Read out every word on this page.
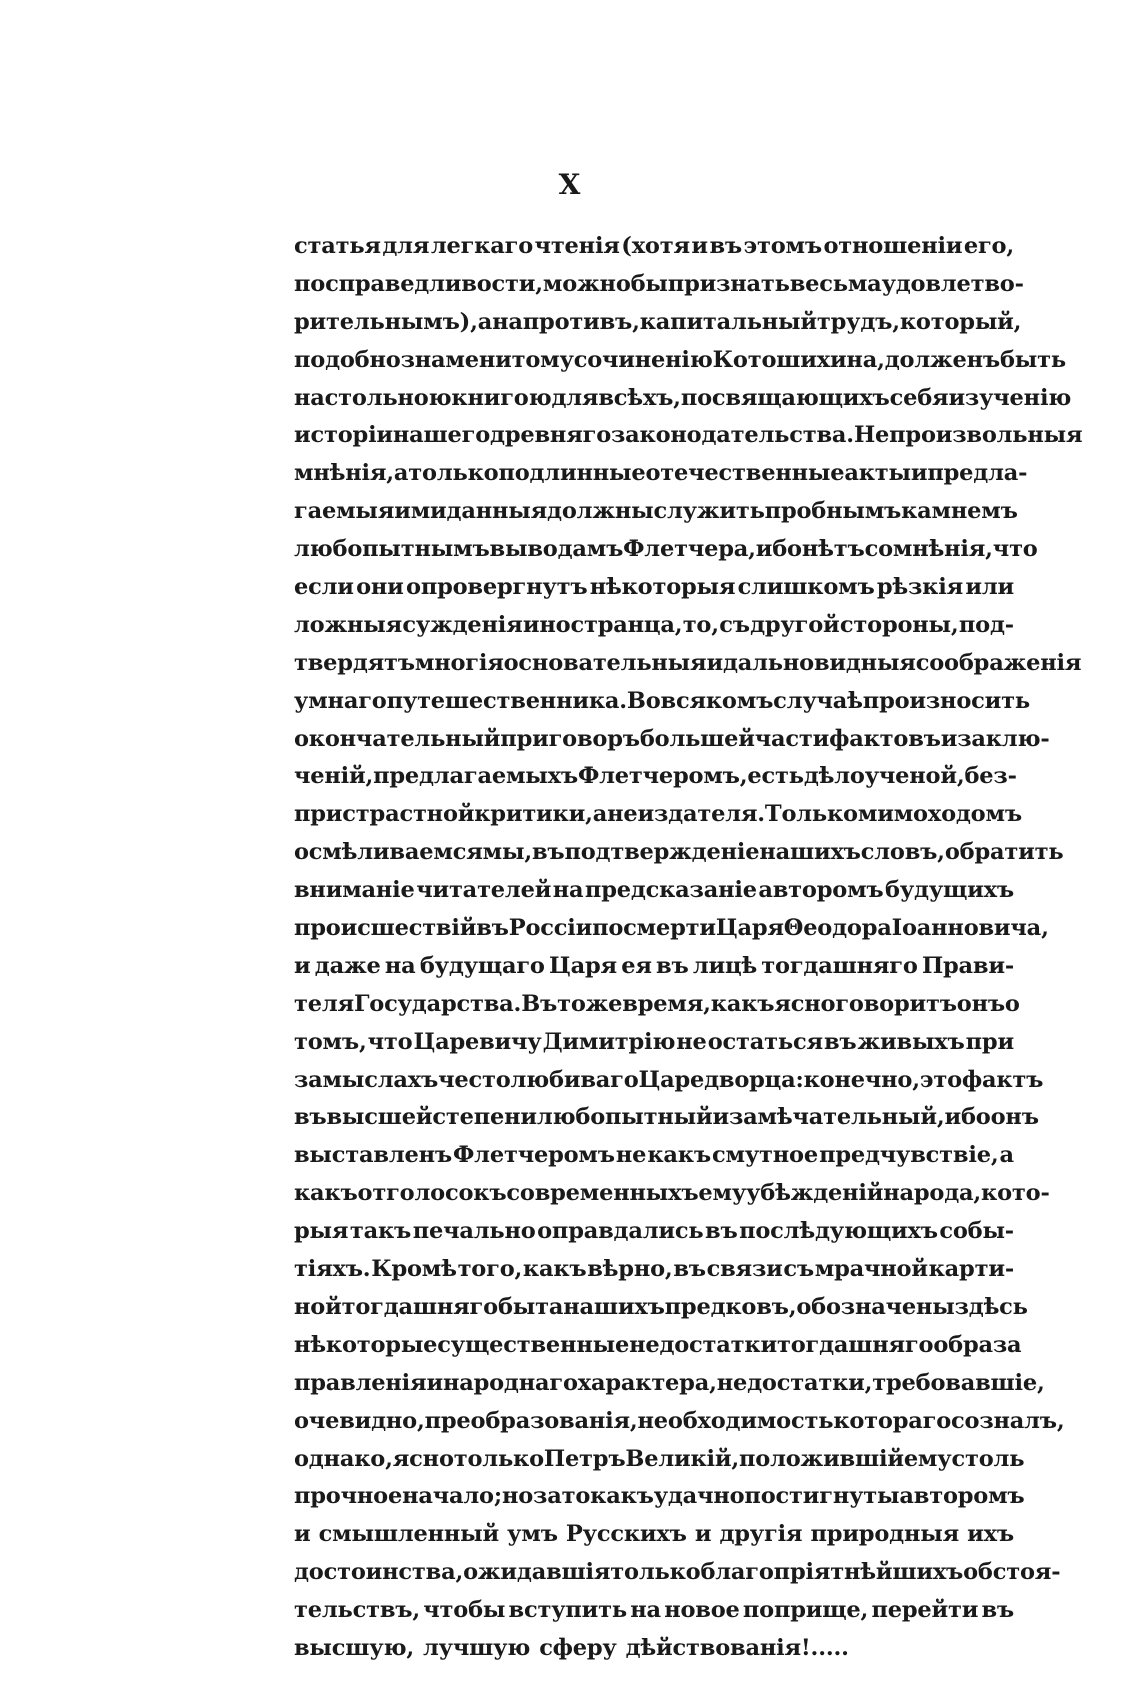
X
статья для легкаго чтенія (хотя и въ этомъ отношеніи его,
по справедливости, можно бы признать весьма удовлетво-
рительнымъ), а напротивъ, капитальный трудъ, который,
подобно знаменитому сочиненію Котошихина, долженъ быть
настольною книгою для всѣхъ, посвящающихъ себя изученію
исторіи нашего древняго законодательства. Не произвольныя
мнѣнія, а только подлинные отечественные акты и предла-
гаемыя ими данныя должны служить пробнымъ камнемъ
любопытнымъ выводамъ Флетчера, ибо нѣтъ сомнѣнія, что
если они опровергнутъ нѣкоторыя слишкомъ рѣзкія или
ложныя сужденія иностранца, то, съ другой стороны, под-
твердятъ многія основательныя и дальновидныя соображенія
умнаго путешественника. Во всякомъ случаѣ произносить
окончательный приговоръ большей части фактовъ и заклю-
ченій, предлагаемыхъ Флетчеромъ, есть дѣло ученой, без-
пристрастной критики, а не издателя. Только мимоходомъ
осмѣливаемся мы, въ подтвержденіе нашихъ словъ, обратить
вниманіе читателей на предсказаніе авторомъ будущихъ
происшествій въ Россіи по смерти Царя Θеодора Іоанновича,
и даже на будущаго Царя ея въ лицѣ тогдашняго Прави-
теля Государства. Въ тоже время, какъ ясно говоритъ онъ о
томъ, что Царевичу Димитрію не остаться въ живыхъ при
замыслахъ честолюбиваго Царедворца : конечно, это фактъ
въ высшей степени любопытный и замѣчательный, ибо онъ
выставленъ Флетчеромъ не какъ смутное предчувствіе, а
какъ отголосокъ современныхъ ему убѣжденій народа, кото-
рыя такъ печально оправдались въ послѣдующихъ собы-
тіяхъ. Кромѣ того, какъ вѣрно, въ связи съ мрачной карти-
ной тогдашняго быта нашихъ предковъ, обозначены здѣсь
нѣкоторые существенные недостатки тогдашняго образа
правленія и народнаго характера, недостатки, требовавшіе,
очевидно, преобразованія, необходимость котораго созналъ,
однако, ясно только Петръ Великій, положившій ему столь
прочное начало; но за то какъ удачно постигнуты авторомъ
и смышленный умъ Русскихъ и другія природныя ихъ
достоинства, ожидавшія только благопріятнѣйшихъ обстоя-
тельствъ, чтобы вступить на новое поприще, перейти въ
высшую, лучшую сферу дѣйствованія!.....
